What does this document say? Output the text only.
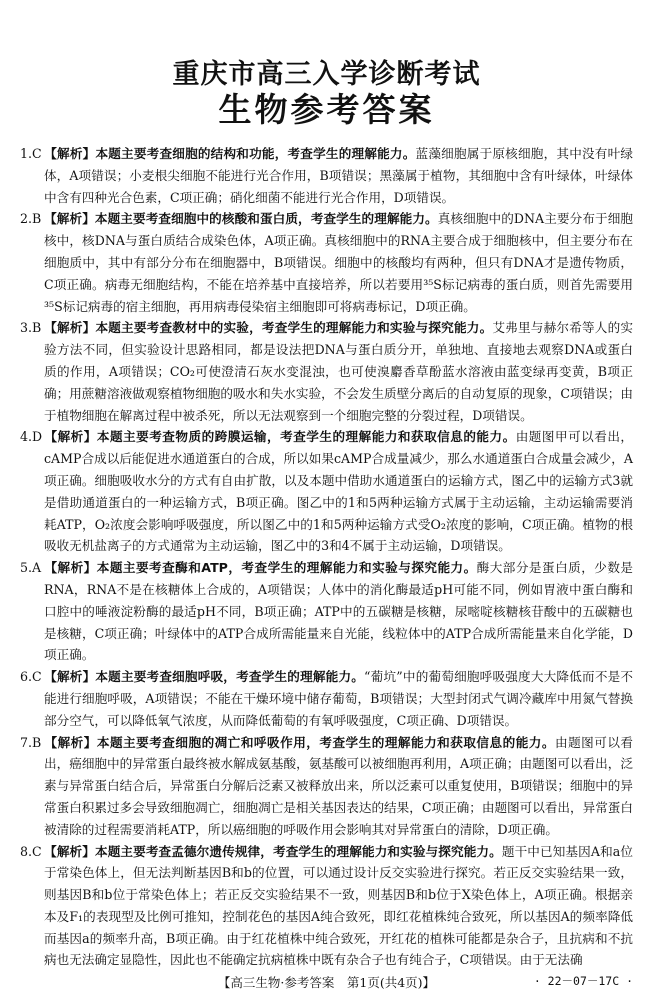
重庆市高三入学诊断考试
生物参考答案

1.C 【解析】本题主要考查细胞的结构和功能，考查学生的理解能力。蓝藻细胞属于原核细胞，其中没有叶绿体，A项错误；小麦根尖细胞不能进行光合作用，B项错误；黑藻属于植物，其细胞中含有叶绿体，叶绿体中含有四种光合色素，C项正确；硝化细菌不能进行光合作用，D项错误。

2.B 【解析】本题主要考查细胞中的核酸和蛋白质，考查学生的理解能力。真核细胞中的DNA主要分布于细胞核中，核DNA与蛋白质结合成染色体，A项正确。真核细胞中的RNA主要合成于细胞核中，但主要分布在细胞质中，其中有部分分布在细胞器中，B项错误。细胞中的核酸均有两种，但只有DNA才是遗传物质，C项正确。病毒无细胞结构，不能在培养基中直接培养，所以若要用³⁵S标记病毒的蛋白质，则首先需要用³⁵S标记病毒的宿主细胞，再用病毒侵染宿主细胞即可将病毒标记，D项正确。

3.B 【解析】本题主要考查教材中的实验，考查学生的理解能力和实验与探究能力。艾弗里与赫尔希等人的实验方法不同，但实验设计思路相同，都是设法把DNA与蛋白质分开，单独地、直接地去观察DNA或蛋白质的作用，A项错误；CO₂可使澄清石灰水变混浊，也可使溴麝香草酚蓝水溶液由蓝变绿再变黄，B项正确；用蔗糖溶液做观察植物细胞的吸水和失水实验，不会发生质壁分离后的自动复原的现象，C项错误；由于植物细胞在解离过程中被杀死，所以无法观察到一个细胞完整的分裂过程，D项错误。

4.D 【解析】本题主要考查物质的跨膜运输，考查学生的理解能力和获取信息的能力。由题图甲可以看出，cAMP合成以后能促进水通道蛋白的合成，所以如果cAMP合成量减少，那么水通道蛋白合成量会减少，A项正确。细胞吸收水分的方式有自由扩散，以及本题中借助水通道蛋白的运输方式，图乙中的运输方式3就是借助通道蛋白的一种运输方式，B项正确。图乙中的1和5两种运输方式属于主动运输，主动运输需要消耗ATP，O₂浓度会影响呼吸强度，所以图乙中的1和5两种运输方式受O₂浓度的影响，C项正确。植物的根吸收无机盐离子的方式通常为主动运输，图乙中的3和4不属于主动运输，D项错误。

5.A 【解析】本题主要考查酶和ATP，考查学生的理解能力和实验与探究能力。酶大部分是蛋白质，少数是RNA，RNA不是在核糖体上合成的，A项错误；人体中的消化酶最适pH可能不同，例如胃液中蛋白酶和口腔中的唾液淀粉酶的最适pH不同，B项正确；ATP中的五碳糖是核糖，尿嘧啶核糖核苷酸中的五碳糖也是核糖，C项正确；叶绿体中的ATP合成所需能量来自光能，线粒体中的ATP合成所需能量来自化学能，D项正确。

6.C 【解析】本题主要考查细胞呼吸，考查学生的理解能力。“葡坑”中的葡萄细胞呼吸强度大大降低而不是不能进行细胞呼吸，A项错误；不能在干燥环境中储存葡萄，B项错误；大型封闭式气调冷藏库中用氮气替换部分空气，可以降低氧气浓度，从而降低葡萄的有氧呼吸强度，C项正确、D项错误。

7.B 【解析】本题主要考查细胞的凋亡和呼吸作用，考查学生的理解能力和获取信息的能力。由题图可以看出，癌细胞中的异常蛋白最终被水解成氨基酸，氨基酸可以被细胞再利用，A项正确；由题图可以看出，泛素与异常蛋白结合后，异常蛋白分解后泛素又被释放出来，所以泛素可以重复使用，B项错误；细胞中的异常蛋白积累过多会导致细胞凋亡，细胞凋亡是相关基因表达的结果，C项正确；由题图可以看出，异常蛋白被清除的过程需要消耗ATP，所以癌细胞的呼吸作用会影响其对异常蛋白的清除，D项正确。

8.C 【解析】本题主要考查孟德尔遗传规律，考查学生的理解能力和实验与探究能力。题干中已知基因A和a位于常染色体上，但无法判断基因B和b的位置，可以通过设计反交实验进行探究。若正反交实验结果一致，则基因B和b位于常染色体上；若正反交实验结果不一致，则基因B和b位于X染色体上，A项正确。根据亲本及F₁的表现型及比例可推知，控制花色的基因A纯合致死，即红花植株纯合致死，所以基因A的频率降低而基因a的频率升高，B项正确。由于红花植株中纯合致死，开红花的植株可能都是杂合子，且抗病和不抗病也无法确定显隐性，因此也不能确定抗病植株中既有杂合子也有纯合子，C项错误。由于无法确

【高三生物·参考答案　第1页(共4页)】	· 22－07－17C ·
